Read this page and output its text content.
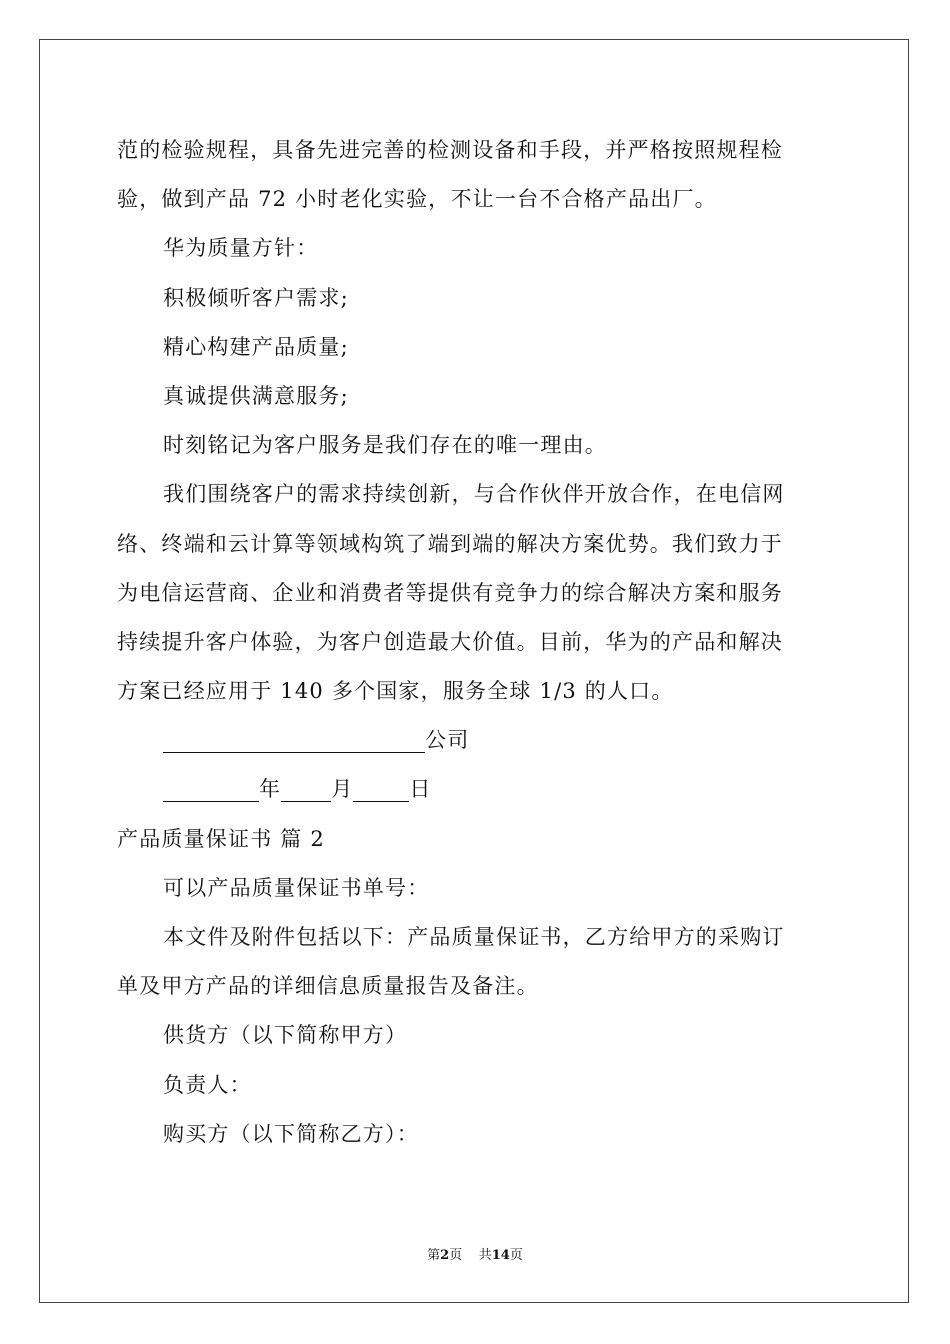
范的检验规程，具备先进完善的检测设备和手段，并严格按照规程检
验，做到产品 72 小时老化实验，不让一台不合格产品出厂。
华为质量方针：
积极倾听客户需求;
精心构建产品质量;
真诚提供满意服务;
时刻铭记为客户服务是我们存在的唯一理由。
我们围绕客户的需求持续创新，与合作伙伴开放合作，在电信网
络、终端和云计算等领域构筑了端到端的解决方案优势。我们致力于
为电信运营商、企业和消费者等提供有竞争力的综合解决方案和服务
持续提升客户体验，为客户创造最大价值。目前，华为的产品和解决
方案已经应用于 140 多个国家，服务全球 1/3 的人口。
公司
年 月	日
产品质量保证书 篇 2
可以产品质量保证书单号：
本文件及附件包括以下：产品质量保证书，乙方给甲方的采购订
单及甲方产品的详细信息质量报告及备注。
供货方（以下简称甲方）
负责人：
购买方（以下简称乙方）：
第2页    共14页
